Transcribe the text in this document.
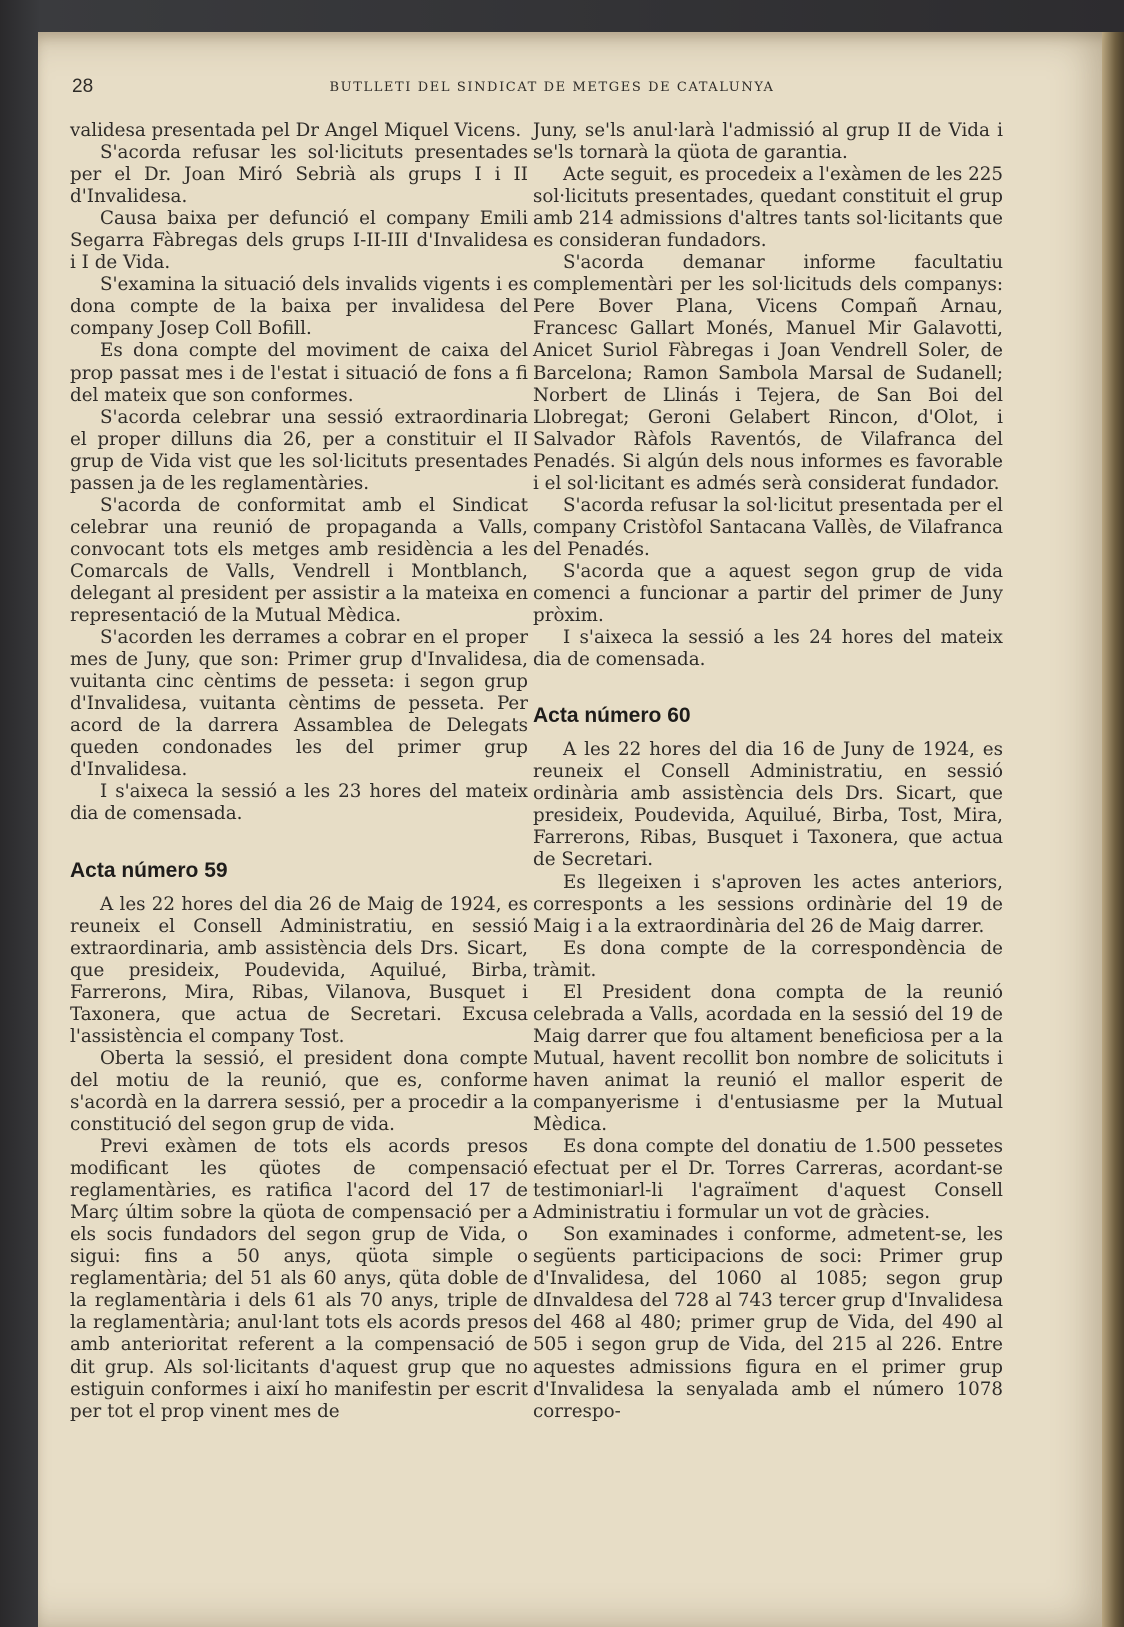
28	BUTLLETI DEL SINDICAT DE METGES DE CATALUNYA

validesa presentada pel Dr Angel Miquel Vicens.

S'acorda refusar les sol·licituts presentades per el Dr. Joan Miró Sebrià als grups I i II d'Invalidesa.

Causa baixa per defunció el company Emili Segarra Fàbregas dels grups I-II-III d'Invalidesa i I de Vida.

S'examina la situació dels invalids vigents i es dona compte de la baixa per invalidesa del company Josep Coll Bofill.

Es dona compte del moviment de caixa del prop passat mes i de l'estat i situació de fons a fi del mateix que son conformes.

S'acorda celebrar una sessió extraordinaria el proper dilluns dia 26, per a constituir el II grup de Vida vist que les sol·licituts presentades passen ja de les reglamentàries.

S'acorda de conformitat amb el Sindicat celebrar una reunió de propaganda a Valls, convocant tots els metges amb residència a les Comarcals de Valls, Vendrell i Montblanch, delegant al president per assistir a la mateixa en representació de la Mutual Mèdica.

S'acorden les derrames a cobrar en el proper mes de Juny, que son: Primer grup d'Invalidesa, vuitanta cinc cèntims de pesseta: i segon grup d'Invalidesa, vuitanta cèntims de pesseta. Per acord de la darrera Assamblea de Delegats queden condonades les del primer grup d'Invalidesa.

I s'aixeca la sessió a les 23 hores del mateix dia de comensada.

Acta número 59

A les 22 hores del dia 26 de Maig de 1924, es reuneix el Consell Administratiu, en sessió extraordinaria, amb assistència dels Drs. Sicart, que presideix, Poudevida, Aquilué, Birba, Farrerons, Mira, Ribas, Vilanova, Busquet i Taxonera, que actua de Secretari. Excusa l'assistència el company Tost.

Oberta la sessió, el president dona compte del motiu de la reunió, que es, conforme s'acordà en la darrera sessió, per a procedir a la constitució del segon grup de vida.

Previ exàmen de tots els acords presos modificant les qüotes de compensació reglamentàries, es ratifica l'acord del 17 de Març últim sobre la qüota de compensació per a els socis fundadors del segon grup de Vida, o sigui: fins a 50 anys, qüota simple o reglamentària; del 51 als 60 anys, qüta doble de la reglamentària i dels 61 als 70 anys, triple de la reglamentària; anul·lant tots els acords presos amb anterioritat referent a la compensació de dit grup. Als sol·licitants d'aquest grup que no estiguin conformes i així ho manifestin per escrit per tot el prop vinent mes de

Juny, se'ls anul·larà l'admissió al grup II de Vida i se'ls tornarà la qüota de garantia.

Acte seguit, es procedeix a l'exàmen de les 225 sol·licituts presentades, quedant constituit el grup amb 214 admissions d'altres tants sol·licitants que es consideran fundadors.

S'acorda demanar informe facultatiu complementàri per les sol·licituds dels companys: Pere Bover Plana, Vicens Compañ Arnau, Francesc Gallart Monés, Manuel Mir Galavotti, Anicet Suriol Fàbregas i Joan Vendrell Soler, de Barcelona; Ramon Sambola Marsal de Sudanell; Norbert de Llinás i Tejera, de San Boi del Llobregat; Geroni Gelabert Rincon, d'Olot, i Salvador Ràfols Raventós, de Vilafranca del Penadés. Si algún dels nous informes es favorable i el sol·licitant es admés serà considerat fundador.

S'acorda refusar la sol·licitut presentada per el company Cristòfol Santacana Vallès, de Vilafranca del Penadés.

S'acorda que a aquest segon grup de vida comenci a funcionar a partir del primer de Juny pròxim.

I s'aixeca la sessió a les 24 hores del mateix dia de comensada.

Acta número 60

A les 22 hores del dia 16 de Juny de 1924, es reuneix el Consell Administratiu, en sessió ordinària amb assistència dels Drs. Sicart, que presideix, Poudevida, Aquilué, Birba, Tost, Mira, Farrerons, Ribas, Busquet i Taxonera, que actua de Secretari.

Es llegeixen i s'aproven les actes anteriors, corresponts a les sessions ordinàrie del 19 de Maig i a la extraordinària del 26 de Maig darrer.

Es dona compte de la correspondència de tràmit.

El President dona compta de la reunió celebrada a Valls, acordada en la sessió del 19 de Maig darrer que fou altament beneficiosa per a la Mutual, havent recollit bon nombre de solicituts i haven animat la reunió el mallor esperit de companyerisme i d'entusiasme per la Mutual Mèdica.

Es dona compte del donatiu de 1.500 pessetes efectuat per el Dr. Torres Carreras, acordant-se testimoniarl-li l'agraïment d'aquest Consell Administratiu i formular un vot de gràcies.

Son examinades i conforme, admetent-se, les següents participacions de soci: Primer grup d'Invalidesa, del 1060 al 1085; segon grup dInvaldesa del 728 al 743 tercer grup d'Invalidesa del 468 al 480; primer grup de Vida, del 490 al 505 i segon grup de Vida, del 215 al 226. Entre aquestes admissions figura en el primer grup d'Invalidesa la senyalada amb el número 1078 correspo-
